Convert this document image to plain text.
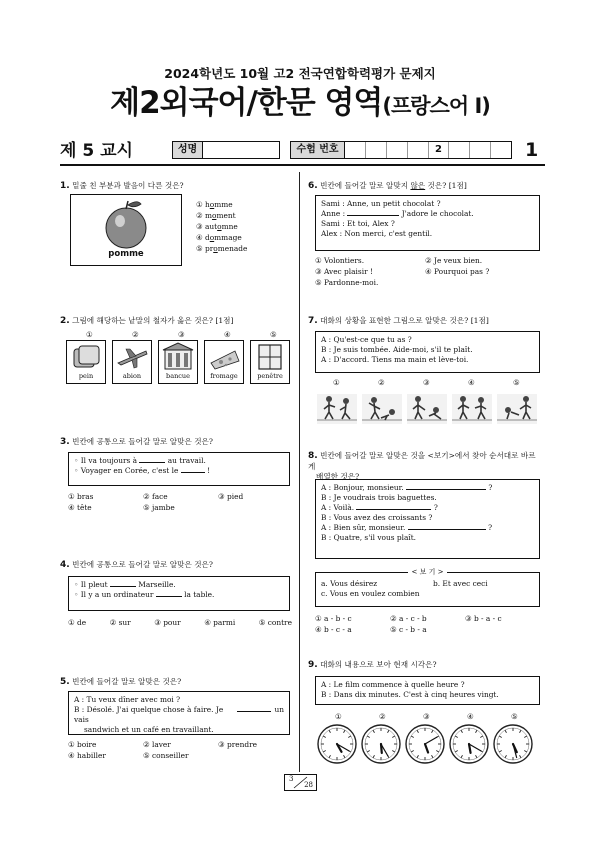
2024학년도 10월 고2 전국연합학력평가 문제지
제2외국어/한문 영역(프랑스어 Ⅰ)
제 5 교시	성명	수험 번호	2	1
1. 밑줄 친 부분과 발음이 다른 것은?
pomme
① homme
② moment
③ automne
④ dommage
⑤ promenade
2. 그림에 해당하는 낱말의 철자가 옳은 것은? [1점]
①	②	③	④	⑤
pein	abion	bancue	fromage	penêtre
3. 빈칸에 공통으로 들어갈 말로 알맞은 것은?
◦ Il va toujours à	au travail.
◦ Voyager en Corée, c'est le	!
① bras	② face	③ pied
④ tête	⑤ jambe
4. 빈칸에 공통으로 들어갈 말로 알맞은 것은?
◦ Il pleut	Marseille.
◦ Il y a un ordinateur	la table.
① de	② sur	③ pour	④ parmi	⑤ contre
5. 빈칸에 들어갈 말로 알맞은 것은?
A : Tu veux dîner avec moi ?
B : Désolé. J'ai quelque chose à faire. Je vais
un
sandwich et un café en travaillant.
① boire	② laver	③ prendre
④ habiller	⑤ conseiller
6. 빈칸에 들어갈 말로 알맞지 않은 것은? [1점]
Sami : Anne, un petit chocolat ?
Anne :	J'adore le chocolat.
Sami : Et toi, Alex ?
Alex : Non merci, c'est gentil.
① Volontiers.	② Je veux bien.
③ Avec plaisir !	④ Pourquoi pas ?
⑤ Pardonne-moi.
7. 대화의 상황을 표현한 그림으로 알맞은 것은? [1점]
A : Qu'est-ce que tu as ?
B : Je suis tombée. Aide-moi, s'il te plaît.
A : D'accord. Tiens ma main et lève-toi.
①	②	③	④	⑤
8. 빈칸에 들어갈 말로 알맞은 것을 <보기>에서 찾아 순서대로 바르게
배열한 것은?
A : Bonjour, monsieur.	?
B : Je voudrais trois baguettes.
A : Voilà.	?
B : Vous avez des croissants ?
A : Bien sûr, monsieur.	?
B : Quatre, s'il vous plaît.
< 보 기 >
a. Vous désirez	b. Et avec ceci
c. Vous en voulez combien
① a - b - c	② a - c - b	③ b - a - c
④ b - c - a	⑤ c - b - a
9. 대화의 내용으로 보아 현재 시각은?
A : Le film commence à quelle heure ?
B : Dans dix minutes. C'est à cinq heures vingt.
①	②	③	④	⑤
3
28
